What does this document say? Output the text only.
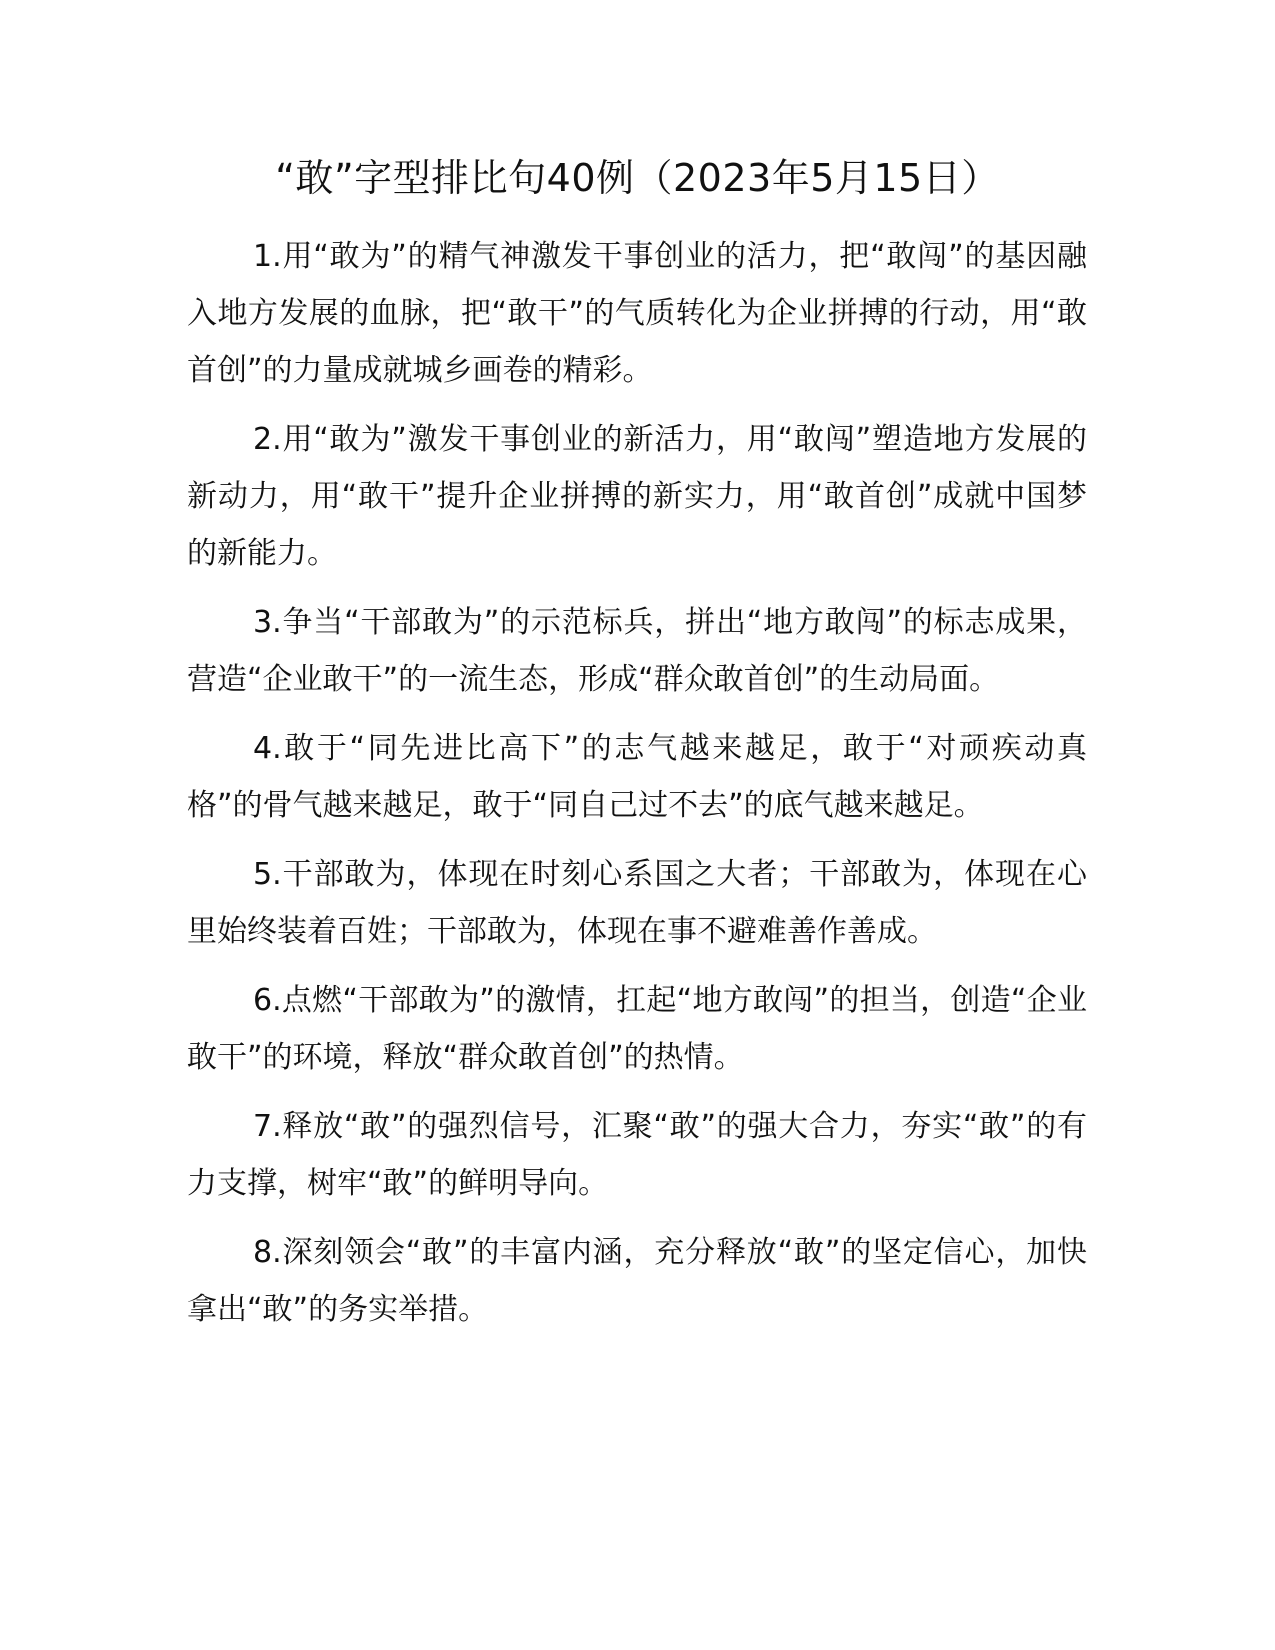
“敢”字型排比句40例（2023年5月15日）

1.用“敢为”的精气神激发干事创业的活力，把“敢闯”的基因融入地方发展的血脉，把“敢干”的气质转化为企业拼搏的行动，用“敢首创”的力量成就城乡画卷的精彩。

2.用“敢为”激发干事创业的新活力，用“敢闯”塑造地方发展的新动力，用“敢干”提升企业拼搏的新实力，用“敢首创”成就中国梦的新能力。

3.争当“干部敢为”的示范标兵，拼出“地方敢闯”的标志成果，营造“企业敢干”的一流生态，形成“群众敢首创”的生动局面。

4.敢于“同先进比高下”的志气越来越足，敢于“对顽疾动真格”的骨气越来越足，敢于“同自己过不去”的底气越来越足。

5.干部敢为，体现在时刻心系国之大者；干部敢为，体现在心里始终装着百姓；干部敢为，体现在事不避难善作善成。

6.点燃“干部敢为”的激情，扛起“地方敢闯”的担当，创造“企业敢干”的环境，释放“群众敢首创”的热情。

7.释放“敢”的强烈信号，汇聚“敢”的强大合力，夯实“敢”的有力支撑，树牢“敢”的鲜明导向。

8.深刻领会“敢”的丰富内涵，充分释放“敢”的坚定信心，加快拿出“敢”的务实举措。
